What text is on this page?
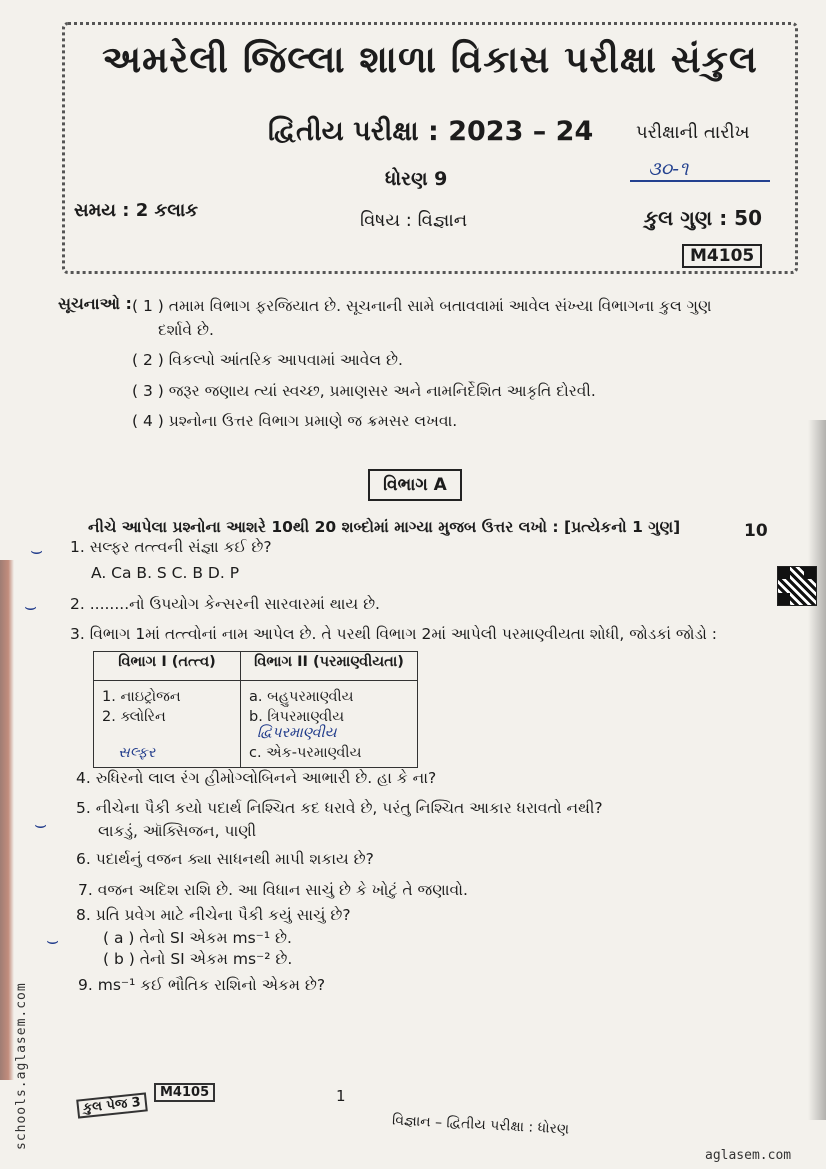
અમરેલી જિલ્લા શાળા વિકાસ પરીક્ષા સંકુલ
દ્વિતીય પરીક્ષા : 2023 – 24 પરીક્ષાની તારીખ
૩૦-૧
ધોરણ 9
સમય : 2 કલાક	વિષય : વિજ્ઞાન	કુલ ગુણ : 50
M4105
સૂચનાઓ : ( 1 ) તમામ વિભાગ ફરજિયાત છે. સૂચનાની સામે બતાવવામાં આવેલ સંખ્યા વિભાગના કુલ ગુણ
દર્શાવે છે.
( 2 ) વિકલ્પો આંતરિક આપવામાં આવેલ છે.
( 3 ) જરૂર જણાય ત્યાં સ્વચ્છ, પ્રમાણસર અને નામનિર્દેશિત આકૃતિ દોરવી.
( 4 ) પ્રશ્નોના ઉત્તર વિભાગ પ્રમાણે જ ક્રમસર લખવા.
વિભાગ A
નીચે આપેલા પ્રશ્નોના આશરે 10થી 20 શબ્દોમાં માગ્યા મુજબ ઉત્તર લખો : [પ્રત્યેકનો 1 ગુણ]	10
⌣ 1. સલ્ફર તત્ત્વની સંજ્ઞા કઈ છે?
A. Ca B. S C. B D. P
⌣ 2. ........નો ઉપયોગ કેન્સરની સારવારમાં થાય છે.
3. વિભાગ 1માં તત્ત્વોનાં નામ આપેલ છે. તે પરથી વિભાગ 2માં આપેલી પરમાણ્વીયતા શોધી, જોડકાં જોડો :
વિભાગ I (તત્ત્વ)	વિભાગ II (પરમાણ્વીયતા)
1. નાઇટ્રોજન	a. બહુપરમાણ્વીય
2. ક્લોરિન	b. ત્રિપરમાણ્વીય દ્વિપરમાણ્વીય
સલ્ફર	c. એક-પરમાણ્વીય
4. રુધિરનો લાલ રંગ હીમોગ્લોબિનને આભારી છે. હા કે ના?
5. નીચેના પૈકી કયો પદાર્થ નિશ્ચિત કદ ધરાવે છે, પરંતુ નિશ્ચિત આકાર ધરાવતો નથી?
લાકડું, ઑક્સિજન, પાણી
⌣
6. પદાર્થનું વજન ક્યા સાધનથી માપી શકાય છે?
7. વજન અદિશ રાશિ છે. આ વિધાન સાચું છે કે ખોટું તે જણાવો.
8. પ્રતિ પ્રવેગ માટે નીચેના પૈકી કયું સાચું છે?
⌣	( a ) તેનો SI એકમ ms⁻¹ છે.
( b ) તેનો SI એકમ ms⁻² છે.
9. ms⁻¹ કઈ ભૌતિક રાશિનો એકમ છે?
કુલ પેજ 3
M4105	1
વિજ્ઞાન – દ્વિતીય પરીક્ષા : ધોરણ
schools.aglasem.com
aglasem.com
